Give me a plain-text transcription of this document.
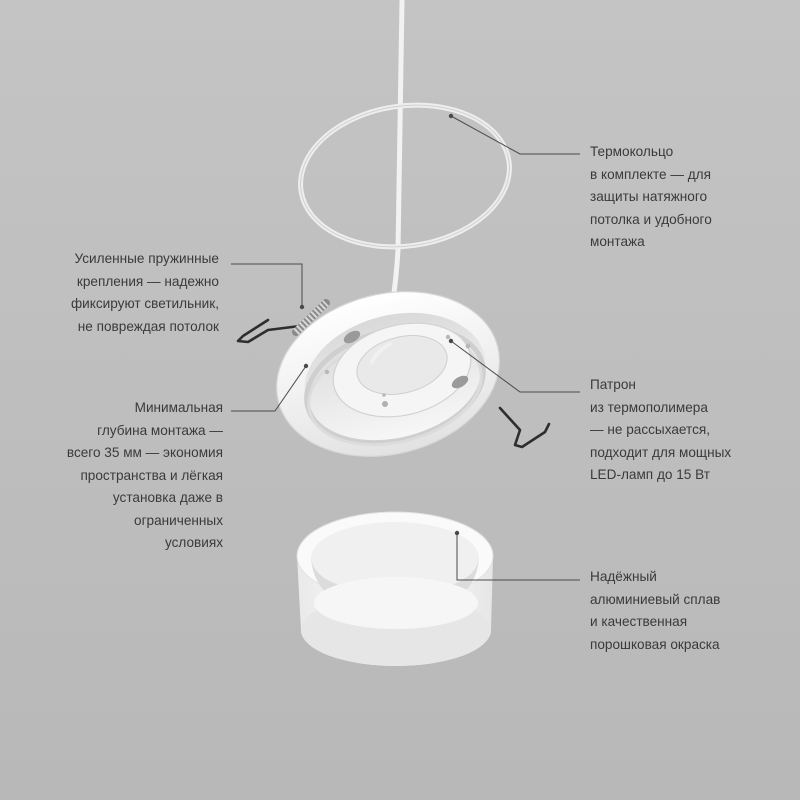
Термокольцо
в комплекте — для
защиты натяжного
потолка и удобного
монтажа

Усиленные пружинные
крепления — надежно
фиксируют светильник,
не повреждая потолок

Минимальная
глубина монтажа —
всего 35 мм — экономия
пространства и лёгкая
установка даже в
ограниченных
условиях

Патрон
из термополимера
— не рассыхается,
подходит для мощных
LED-ламп до 15 Вт

Надёжный
алюминиевый сплав
и качественная
порошковая окраска
